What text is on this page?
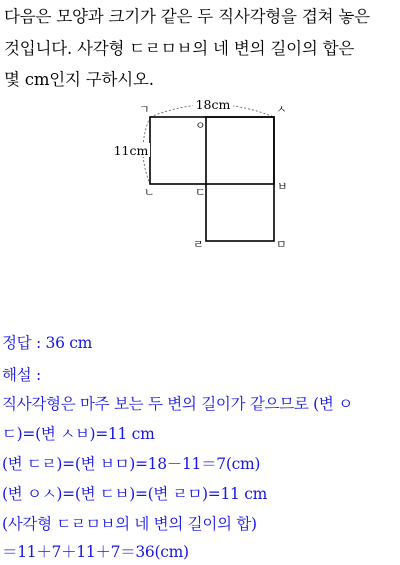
다음은 모양과 크기가 같은 두 직사각형을 겹쳐 놓은
것입니다. 사각형 ㄷㄹㅁㅂ의 네 변의 길이의 합은
몇 cm인지 구하시오.
18cm
11cm
ㄱ
ㅇ
ㅅ
ㄴ	ㄷ	ㅂ
ㄹ	ㅁ
정답 : 36 cm
해설 :
직사각형은 마주 보는 두 변의 길이가 같으므로 (변 ㅇ
ㄷ)=(변 ㅅㅂ)=11 cm
(변 ㄷㄹ)=(변 ㅂㅁ)=18－11＝7(cm)
(변 ㅇㅅ)=(변 ㄷㅂ)=(변 ㄹㅁ)=11 cm
(사각형 ㄷㄹㅁㅂ의 네 변의 길이의 합)
＝11＋7＋11＋7＝36(cm)
